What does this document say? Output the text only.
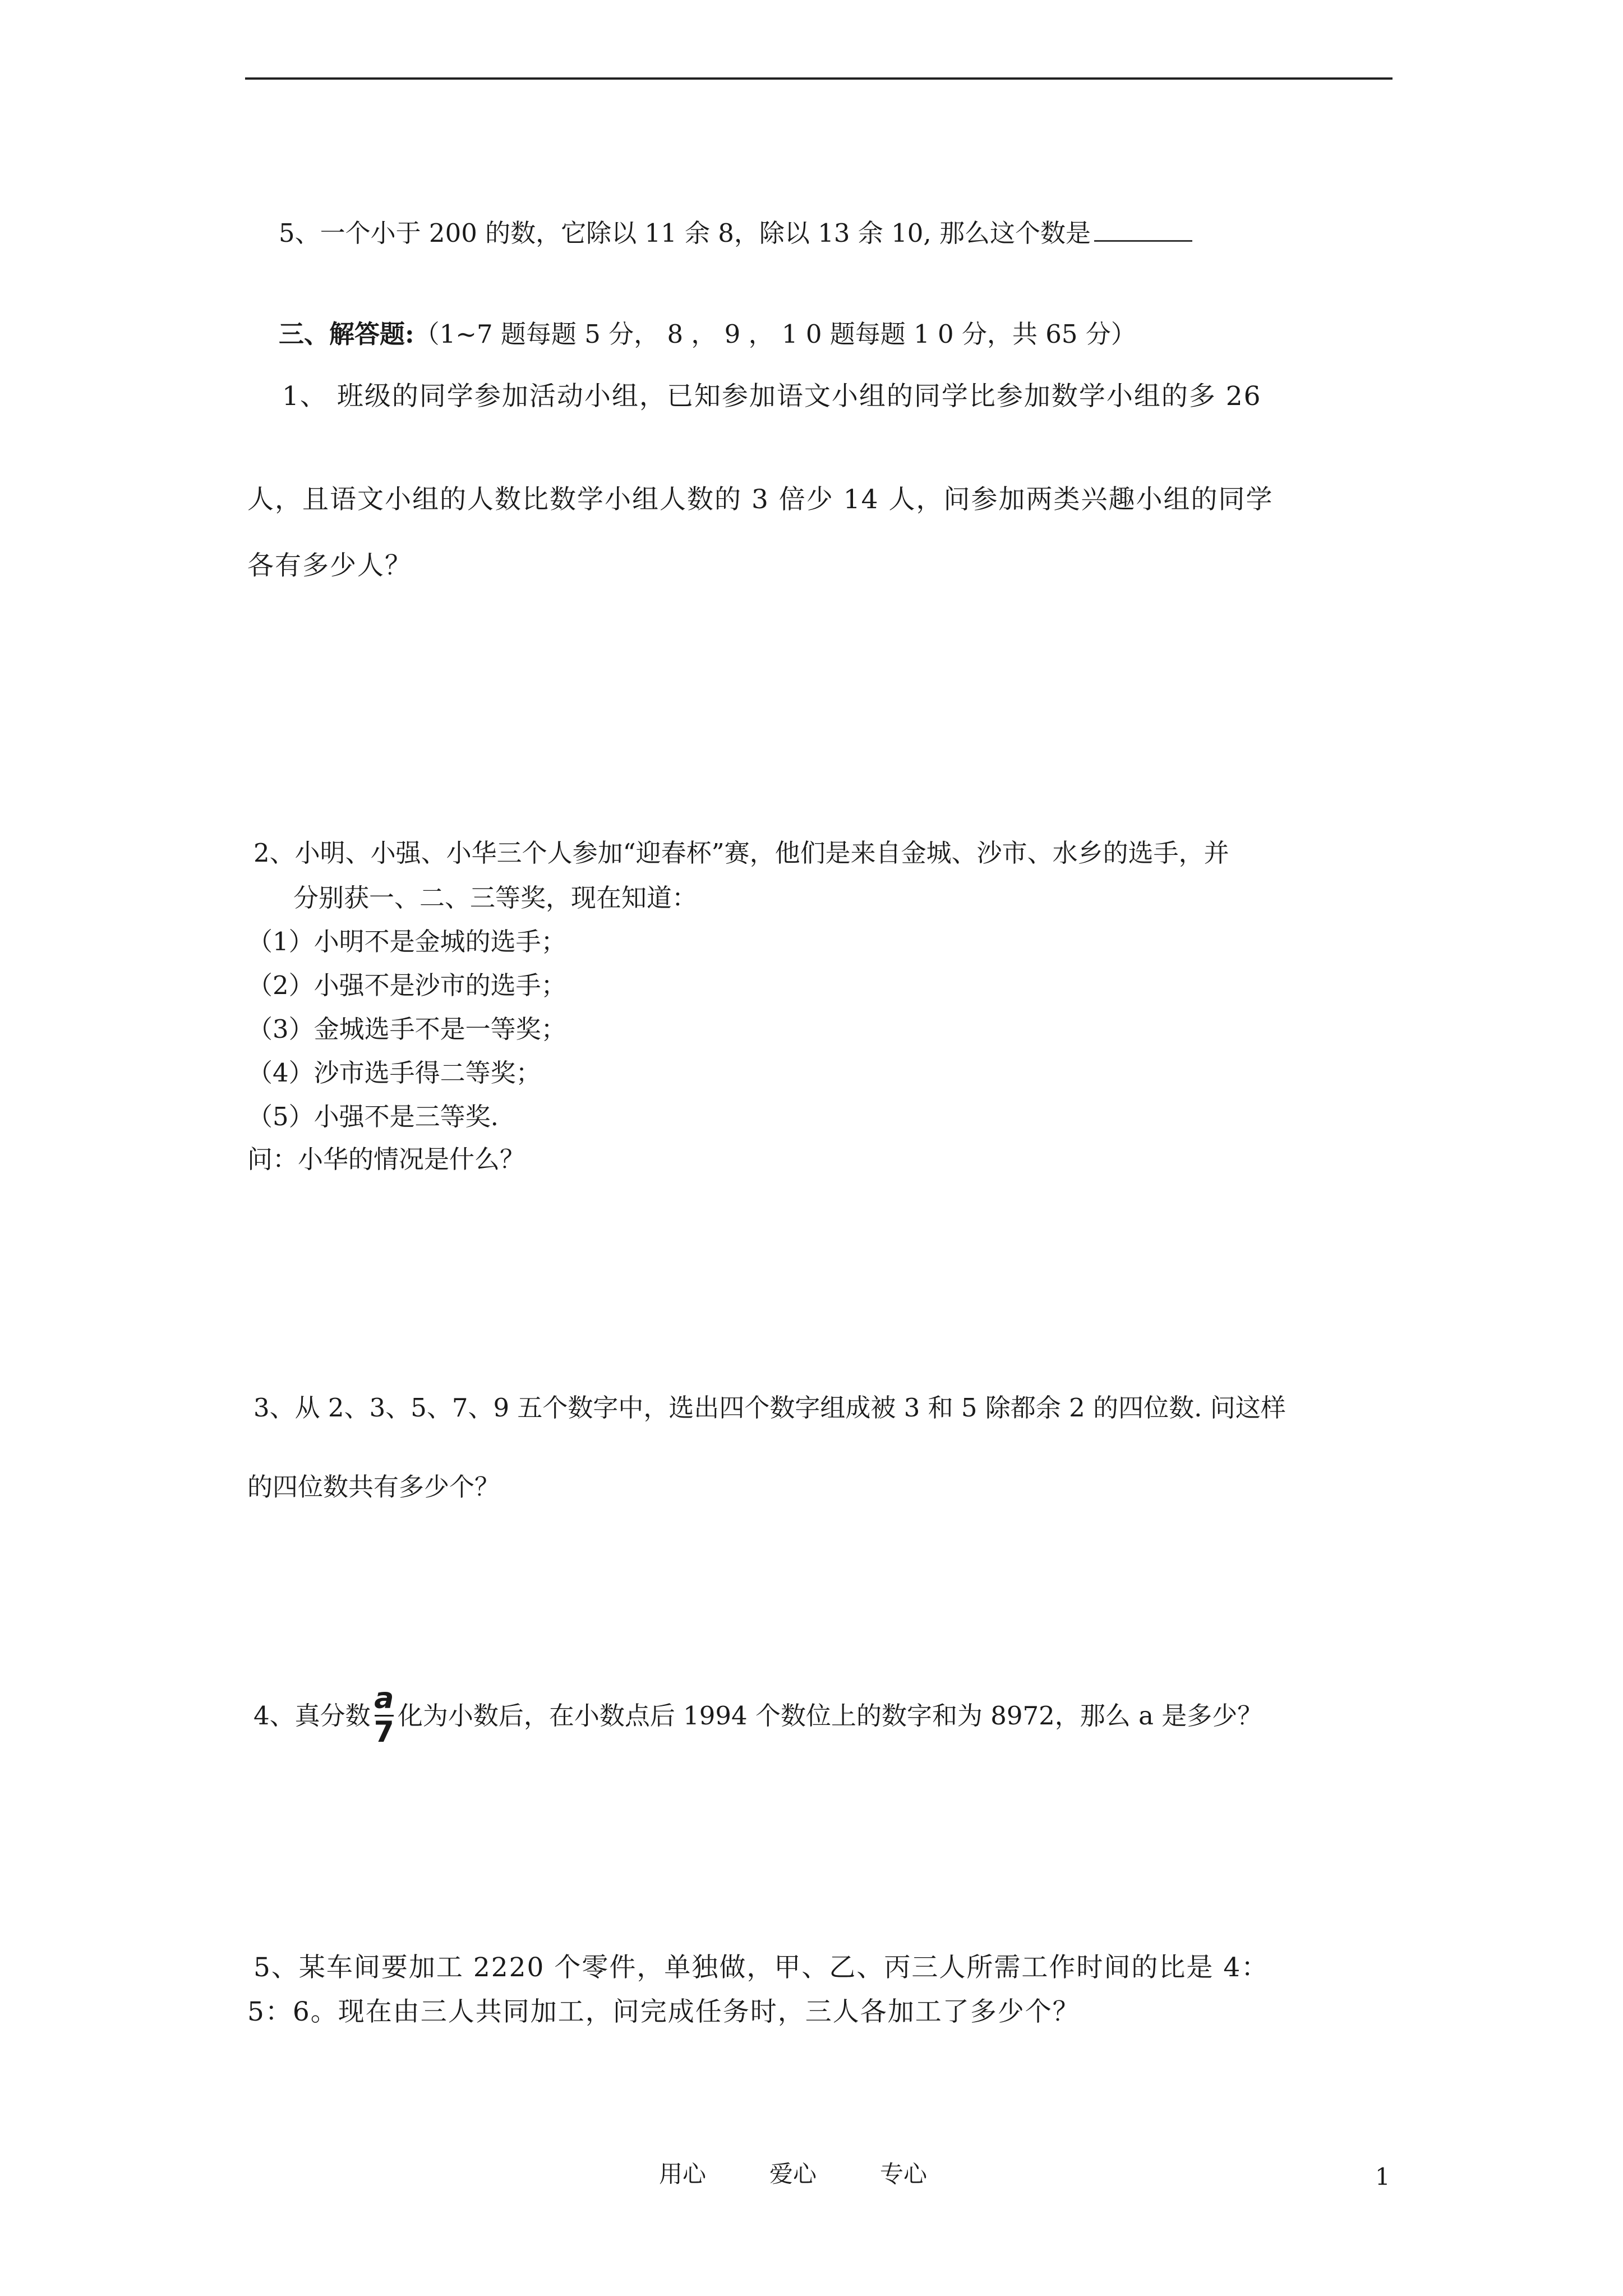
5、一个小于 200 的数，它除以 11 余 8，除以 13 余 10, 那么这个数是
三、解答题:（1~7 题每题 5 分， 8 ， 9 ， 1 0 题每题 1 0 分，共 65 分）
1、 班级的同学参加活动小组，已知参加语文小组的同学比参加数学小组的多 26
人，且语文小组的人数比数学小组人数的 3 倍少 14 人，问参加两类兴趣小组的同学
各有多少人？
2、小明、小强、小华三个人参加“迎春杯”赛，他们是来自金城、沙市、水乡的选手，并
分别获一、二、三等奖，现在知道：
（1）小明不是金城的选手；
（2）小强不是沙市的选手；
（3）金城选手不是一等奖；
（4）沙市选手得二等奖；
（5）小强不是三等奖.
问：小华的情况是什么？
3、从 2、3、5、7、9 五个数字中，选出四个数字组成被 3 和 5 除都余 2 的四位数. 问这样
的四位数共有多少个？
4、真分数 $\frac{a}{7}$ 化为小数后，在小数点后 1994 个数位上的数字和为 8972，那么 a 是多少？
5、某车间要加工 2220 个零件，单独做，甲、乙、丙三人所需工作时间的比是 4：
5：6。现在由三人共同加工，问完成任务时，三人各加工了多少个？
用心	爱心	专心	1
